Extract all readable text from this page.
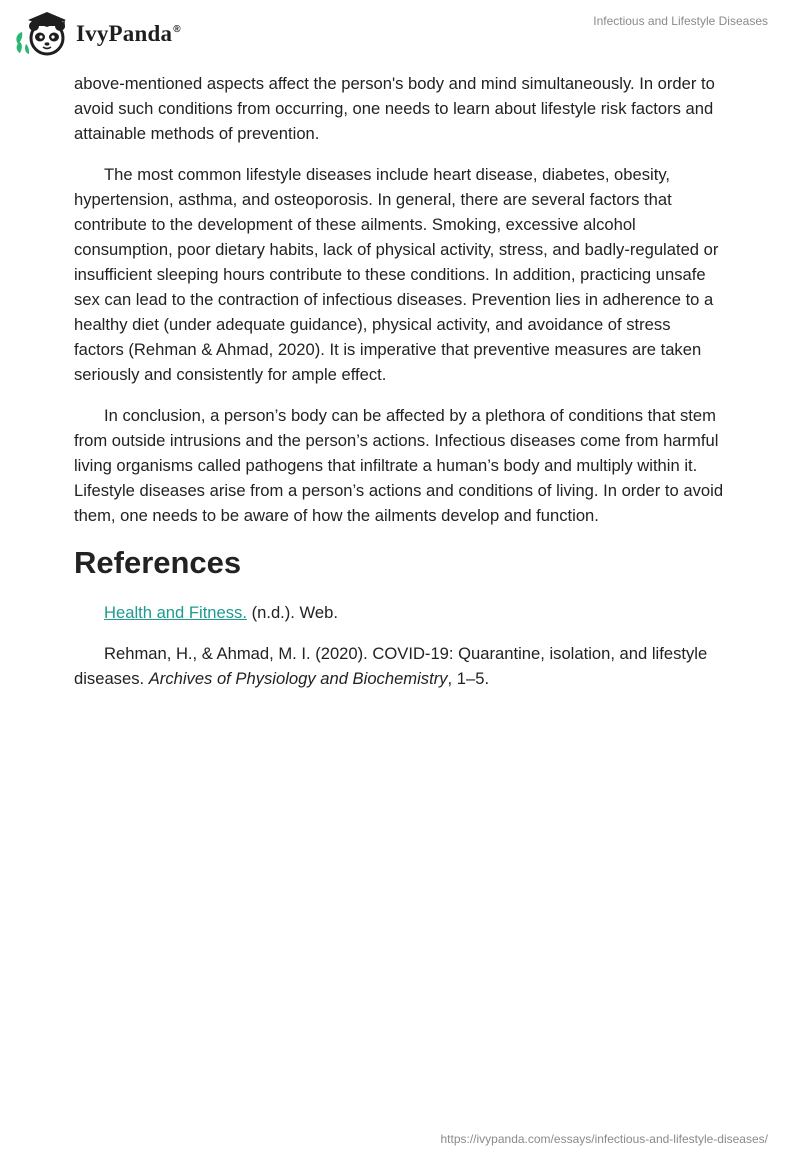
IvyPanda®
Infectious and Lifestyle Diseases

above-mentioned aspects affect the person's body and mind simultaneously. In order to avoid such conditions from occurring, one needs to learn about lifestyle risk factors and attainable methods of prevention.

The most common lifestyle diseases include heart disease, diabetes, obesity, hypertension, asthma, and osteoporosis. In general, there are several factors that contribute to the development of these ailments. Smoking, excessive alcohol consumption, poor dietary habits, lack of physical activity, stress, and badly-regulated or insufficient sleeping hours contribute to these conditions. In addition, practicing unsafe sex can lead to the contraction of infectious diseases. Prevention lies in adherence to a healthy diet (under adequate guidance), physical activity, and avoidance of stress factors (Rehman & Ahmad, 2020). It is imperative that preventive measures are taken seriously and consistently for ample effect.

In conclusion, a person’s body can be affected by a plethora of conditions that stem from outside intrusions and the person’s actions. Infectious diseases come from harmful living organisms called pathogens that infiltrate a human’s body and multiply within it. Lifestyle diseases arise from a person’s actions and conditions of living. In order to avoid them, one needs to be aware of how the ailments develop and function.

References

Health and Fitness. (n.d.). Web.

Rehman, H., & Ahmad, M. I. (2020). COVID-19: Quarantine, isolation, and lifestyle diseases. Archives of Physiology and Biochemistry, 1–5.

https://ivypanda.com/essays/infectious-and-lifestyle-diseases/
